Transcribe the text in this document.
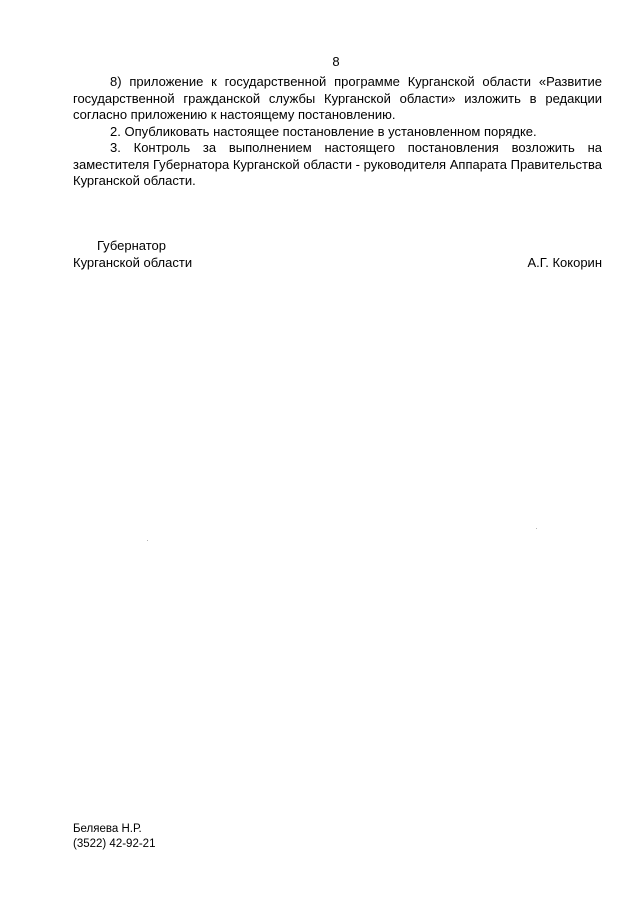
8

8) приложение к государственной программе Курганской области «Развитие государственной гражданской службы Курганской области» изложить в редакции согласно приложению к настоящему постановлению.

2. Опубликовать настоящее постановление в установленном порядке.

3. Контроль за выполнением настоящего постановления возложить на заместителя Губернатора Курганской области - руководителя Аппарата Правительства Курганской области.

Губернатор
Курганской области	А.Г. Кокорин
Беляева Н.Р.
(3522) 42-92-21
